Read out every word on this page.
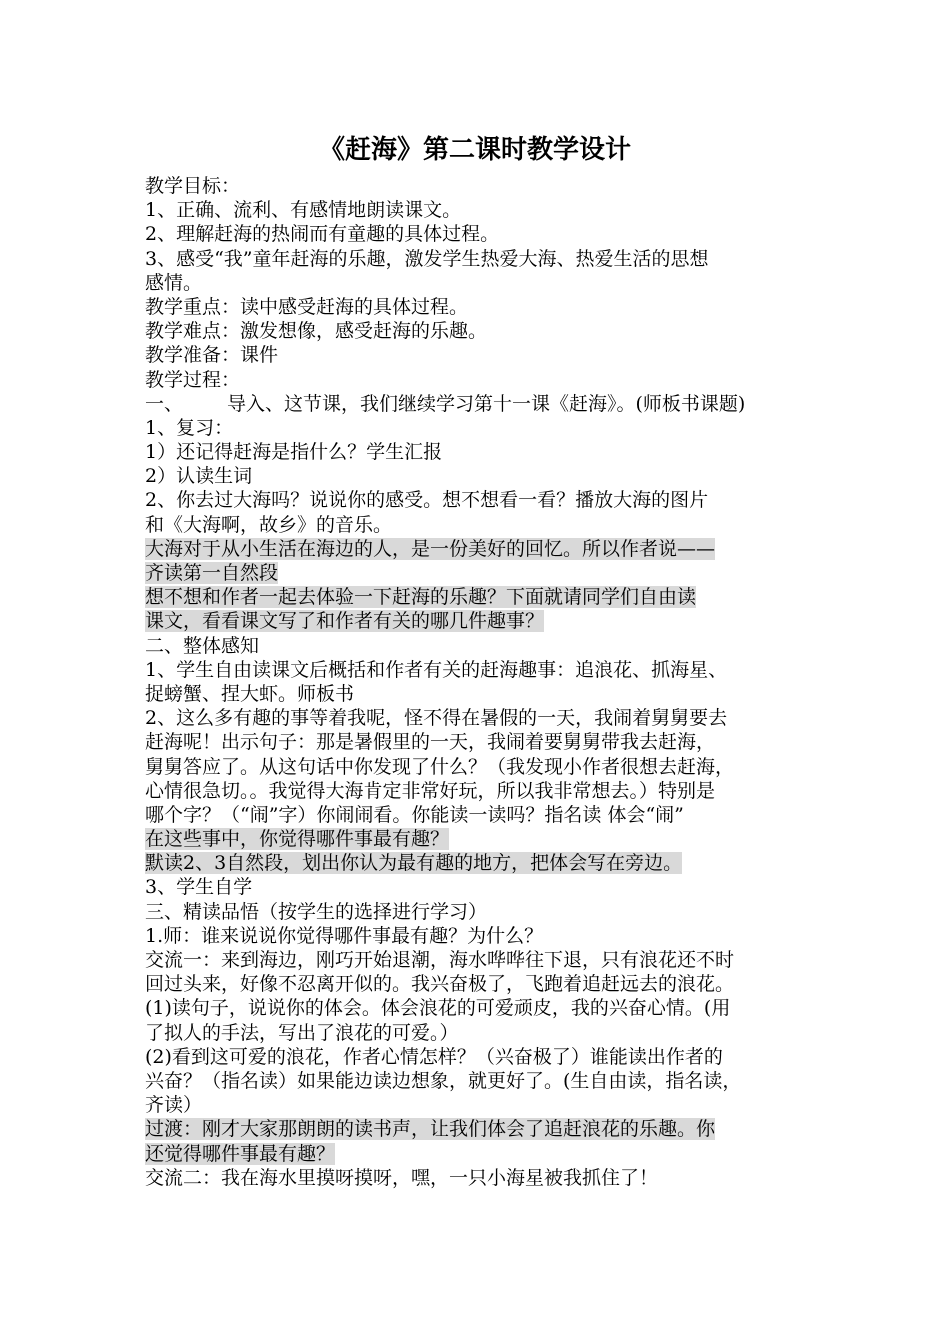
《赶海》第二课时教学设计
教学目标：
1、正确、流利、有感情地朗读课文。
2、理解赶海的热闹而有童趣的具体过程。
3、感受“我”童年赶海的乐趣，激发学生热爱大海、热爱生活的思想
感情。
教学重点：读中感受赶海的具体过程。
教学难点：激发想像，感受赶海的乐趣。
教学准备：课件
教学过程：
一、 导入、这节课，我们继续学习第十一课《赶海》。(师板书课题)
1、复习：
1）还记得赶海是指什么？学生汇报
2）认读生词
2、你去过大海吗？说说你的感受。想不想看一看？播放大海的图片
和《大海啊，故乡》的音乐。
大海对于从小生活在海边的人，是一份美好的回忆。所以作者说——
齐读第一自然段
想不想和作者一起去体验一下赶海的乐趣？下面就请同学们自由读
课文，看看课文写了和作者有关的哪几件趣事？
二、整体感知
1、学生自由读课文后概括和作者有关的赶海趣事：追浪花、抓海星、
捉螃蟹、捏大虾。师板书
2、这么多有趣的事等着我呢，怪不得在暑假的一天，我闹着舅舅要去
赶海呢！出示句子：那是暑假里的一天，我闹着要舅舅带我去赶海，
舅舅答应了。从这句话中你发现了什么？（我发现小作者很想去赶海，
心情很急切。。我觉得大海肯定非常好玩，所以我非常想去。）特别是
哪个字？（“闹”字）你闹闹看。你能读一读吗？指名读 体会“闹”
在这些事中，你觉得哪件事最有趣？
默读2、3自然段，划出你认为最有趣的地方，把体会写在旁边。
3、学生自学
三、精读品悟（按学生的选择进行学习）
1.师：谁来说说你觉得哪件事最有趣？为什么？
交流一：来到海边，刚巧开始退潮，海水哗哗往下退，只有浪花还不时
回过头来，好像不忍离开似的。我兴奋极了，飞跑着追赶远去的浪花。
(1)读句子，说说你的体会。体会浪花的可爱顽皮，我的兴奋心情。(用
了拟人的手法，写出了浪花的可爱。）
(2)看到这可爱的浪花，作者心情怎样？（兴奋极了）谁能读出作者的
兴奋？（指名读）如果能边读边想象，就更好了。(生自由读，指名读，
齐读）
过渡：刚才大家那朗朗的读书声，让我们体会了追赶浪花的乐趣。你
还觉得哪件事最有趣？
交流二：我在海水里摸呀摸呀，嘿，一只小海星被我抓住了！
